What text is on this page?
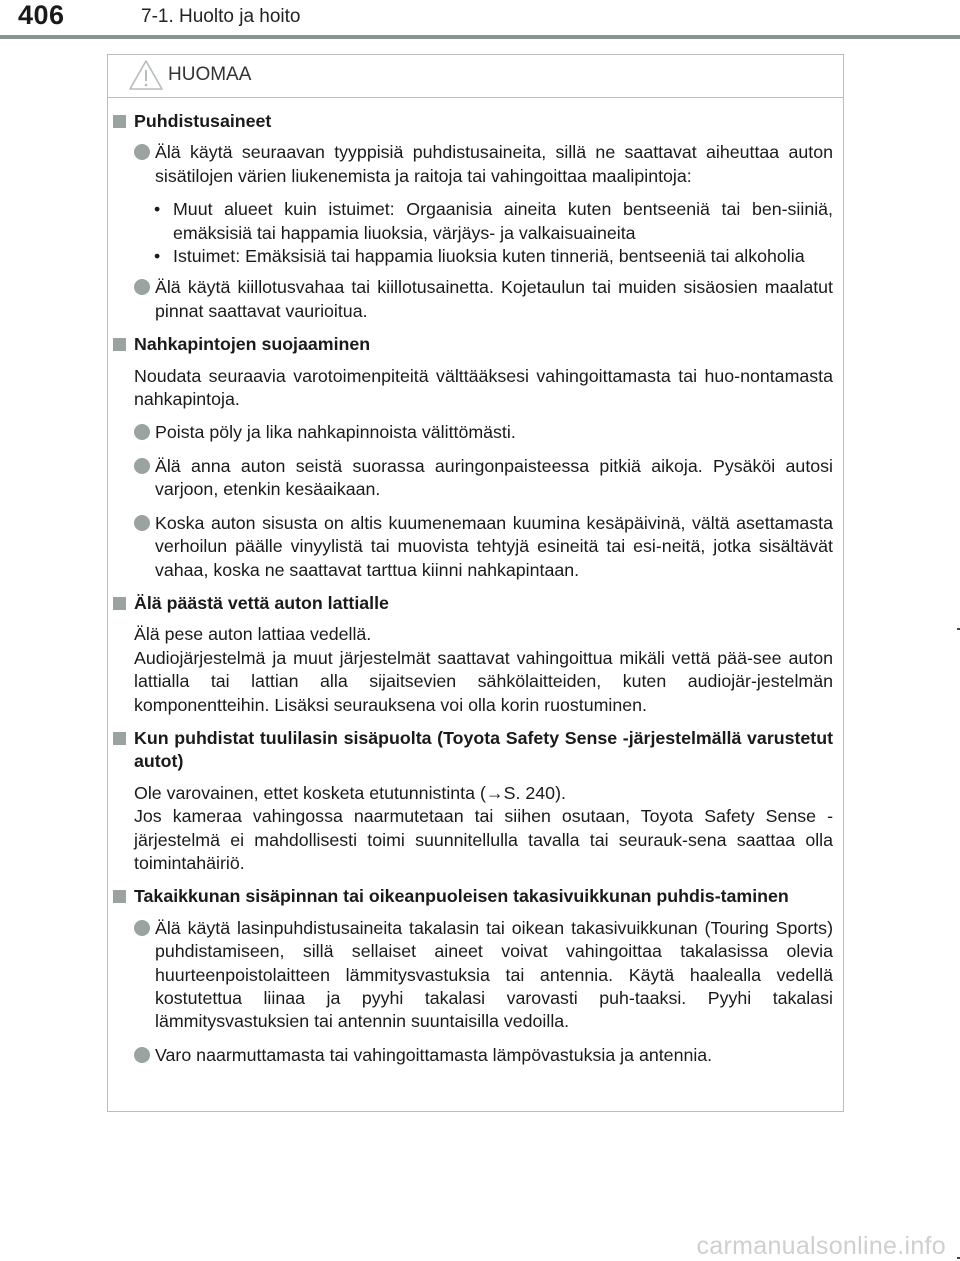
406	7-1. Huolto ja hoito
HUOMAA
Puhdistusaineet
Älä käytä seuraavan tyyppisiä puhdistusaineita, sillä ne saattavat aiheuttaa auton sisätilojen värien liukenemista ja raitoja tai vahingoittaa maalipintoja:
• Muut alueet kuin istuimet: Orgaanisia aineita kuten bentseeniä tai ben-siiniä, emäksisiä tai happamia liuoksia, värjäys- ja valkaisuaineita
• Istuimet: Emäksisiä tai happamia liuoksia kuten tinneriä, bentseeniä tai alkoholia
Älä käytä kiillotusvahaa tai kiillotusainetta. Kojetaulun tai muiden sisäosien maalatut pinnat saattavat vaurioitua.
Nahkapintojen suojaaminen
Noudata seuraavia varotoimenpiteitä välttääksesi vahingoittamasta tai huo-nontamasta nahkapintoja.
Poista pöly ja lika nahkapinnoista välittömästi.
Älä anna auton seistä suorassa auringonpaisteessa pitkiä aikoja. Pysäköi autosi varjoon, etenkin kesäaikaan.
Koska auton sisusta on altis kuumenemaan kuumina kesäpäivinä, vältä asettamasta verhoilun päälle vinyylistä tai muovista tehtyjä esineitä tai esi-neitä, jotka sisältävät vahaa, koska ne saattavat tarttua kiinni nahkapintaan.
Älä päästä vettä auton lattialle
Älä pese auton lattiaa vedellä.
Audiojärjestelmä ja muut järjestelmät saattavat vahingoittua mikäli vettä pää-see auton lattialla tai lattian alla sijaitsevien sähkölaitteiden, kuten audiojär-jestelmän komponentteihin. Lisäksi seurauksena voi olla korin ruostuminen.
Kun puhdistat tuulilasin sisäpuolta (Toyota Safety Sense -järjestelmällä varustetut autot)
Ole varovainen, ettet kosketa etutunnistinta (→S. 240).
Jos kameraa vahingossa naarmutetaan tai siihen osutaan, Toyota Safety Sense -järjestelmä ei mahdollisesti toimi suunnitellulla tavalla tai seurauk-sena saattaa olla toimintahäiriö.
Takaikkunan sisäpinnan tai oikeanpuoleisen takasivuikkunan puhdis-taminen
Älä käytä lasinpuhdistusaineita takalasin tai oikean takasivuikkunan (Touring Sports) puhdistamiseen, sillä sellaiset aineet voivat vahingoittaa takalasissa olevia huurteenpoistolaitteen lämmitysvastuksia tai antennia. Käytä haalealla vedellä kostutettua liinaa ja pyyhi takalasi varovasti puh-taaksi. Pyyhi takalasi lämmitysvastuksien tai antennin suuntaisilla vedoilla.
Varo naarmuttamasta tai vahingoittamasta lämpövastuksia ja antennia.
carmanualsonline.info
